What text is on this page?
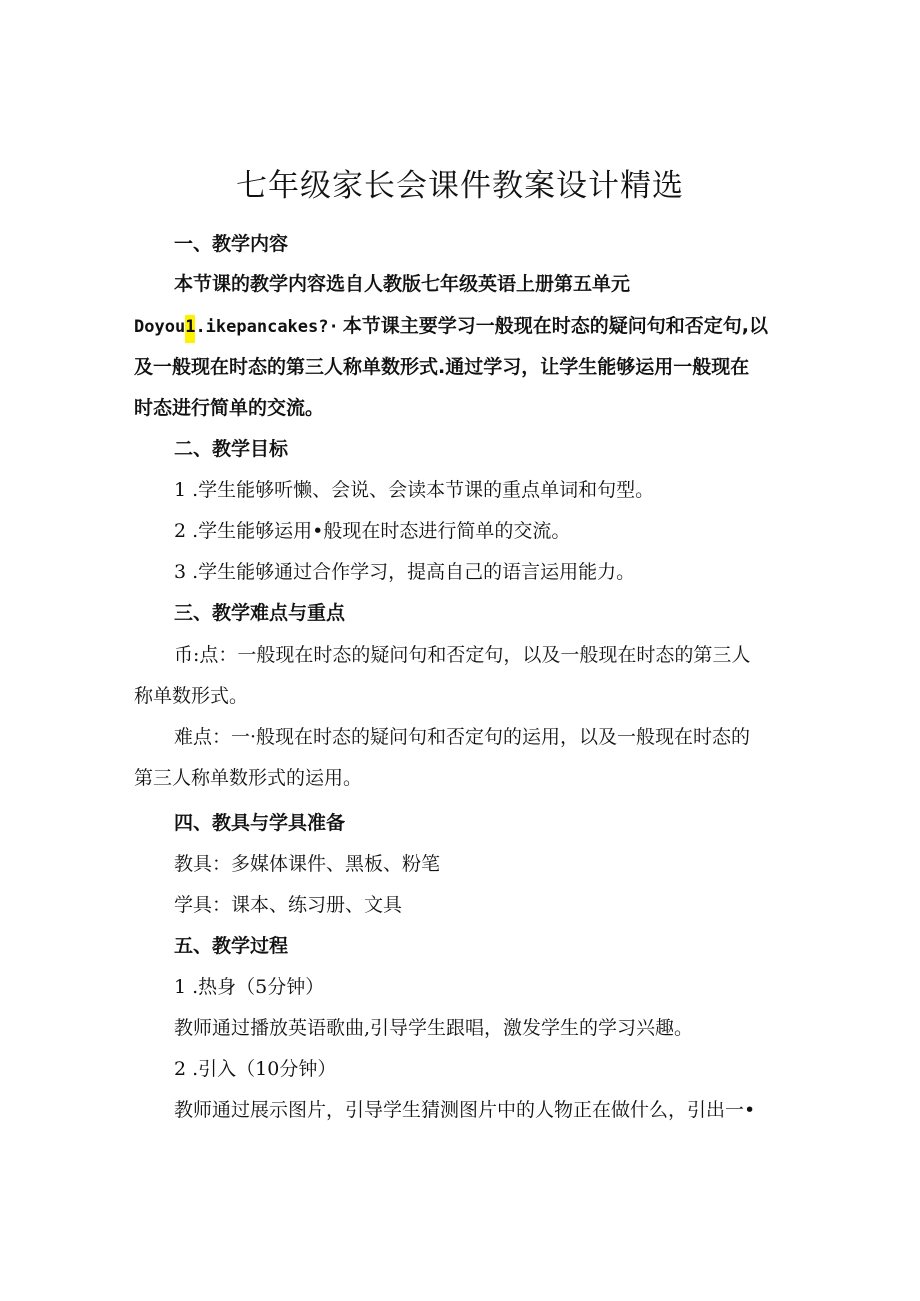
七年级家长会课件教案设计精选
一、教学内容
本节课的教学内容选自人教版七年级英语上册第五单元
Doyou1.ikepancakes?· 本节课主要学习一般现在时态的疑问句和否定句,以
及一般现在时态的第三人称单数形式.通过学习，让学生能够运用一般现在
时态进行简单的交流。
二、教学目标
1 .学生能够听懒、会说、会读本节课的重点单词和句型。
2 .学生能够运用•般现在时态进行简单的交流。
3 .学生能够通过合作学习，提高自己的语言运用能力。
三、教学难点与重点
币:点：一般现在时态的疑问句和否定句，以及一般现在时态的第三人
称单数形式。
难点：一·般现在时态的疑问句和否定句的运用，以及一般现在时态的
第三人称单数形式的运用。
四、教具与学具准备
教具：多媒体课件、黑板、粉笔
学具：课本、练习册、文具
五、教学过程
1 .热身（5分钟）
教师通过播放英语歌曲,引导学生跟唱，激发学生的学习兴趣。
2 .引入（10分钟）
教师通过展示图片，引导学生猜测图片中的人物正在做什么，引出一•
